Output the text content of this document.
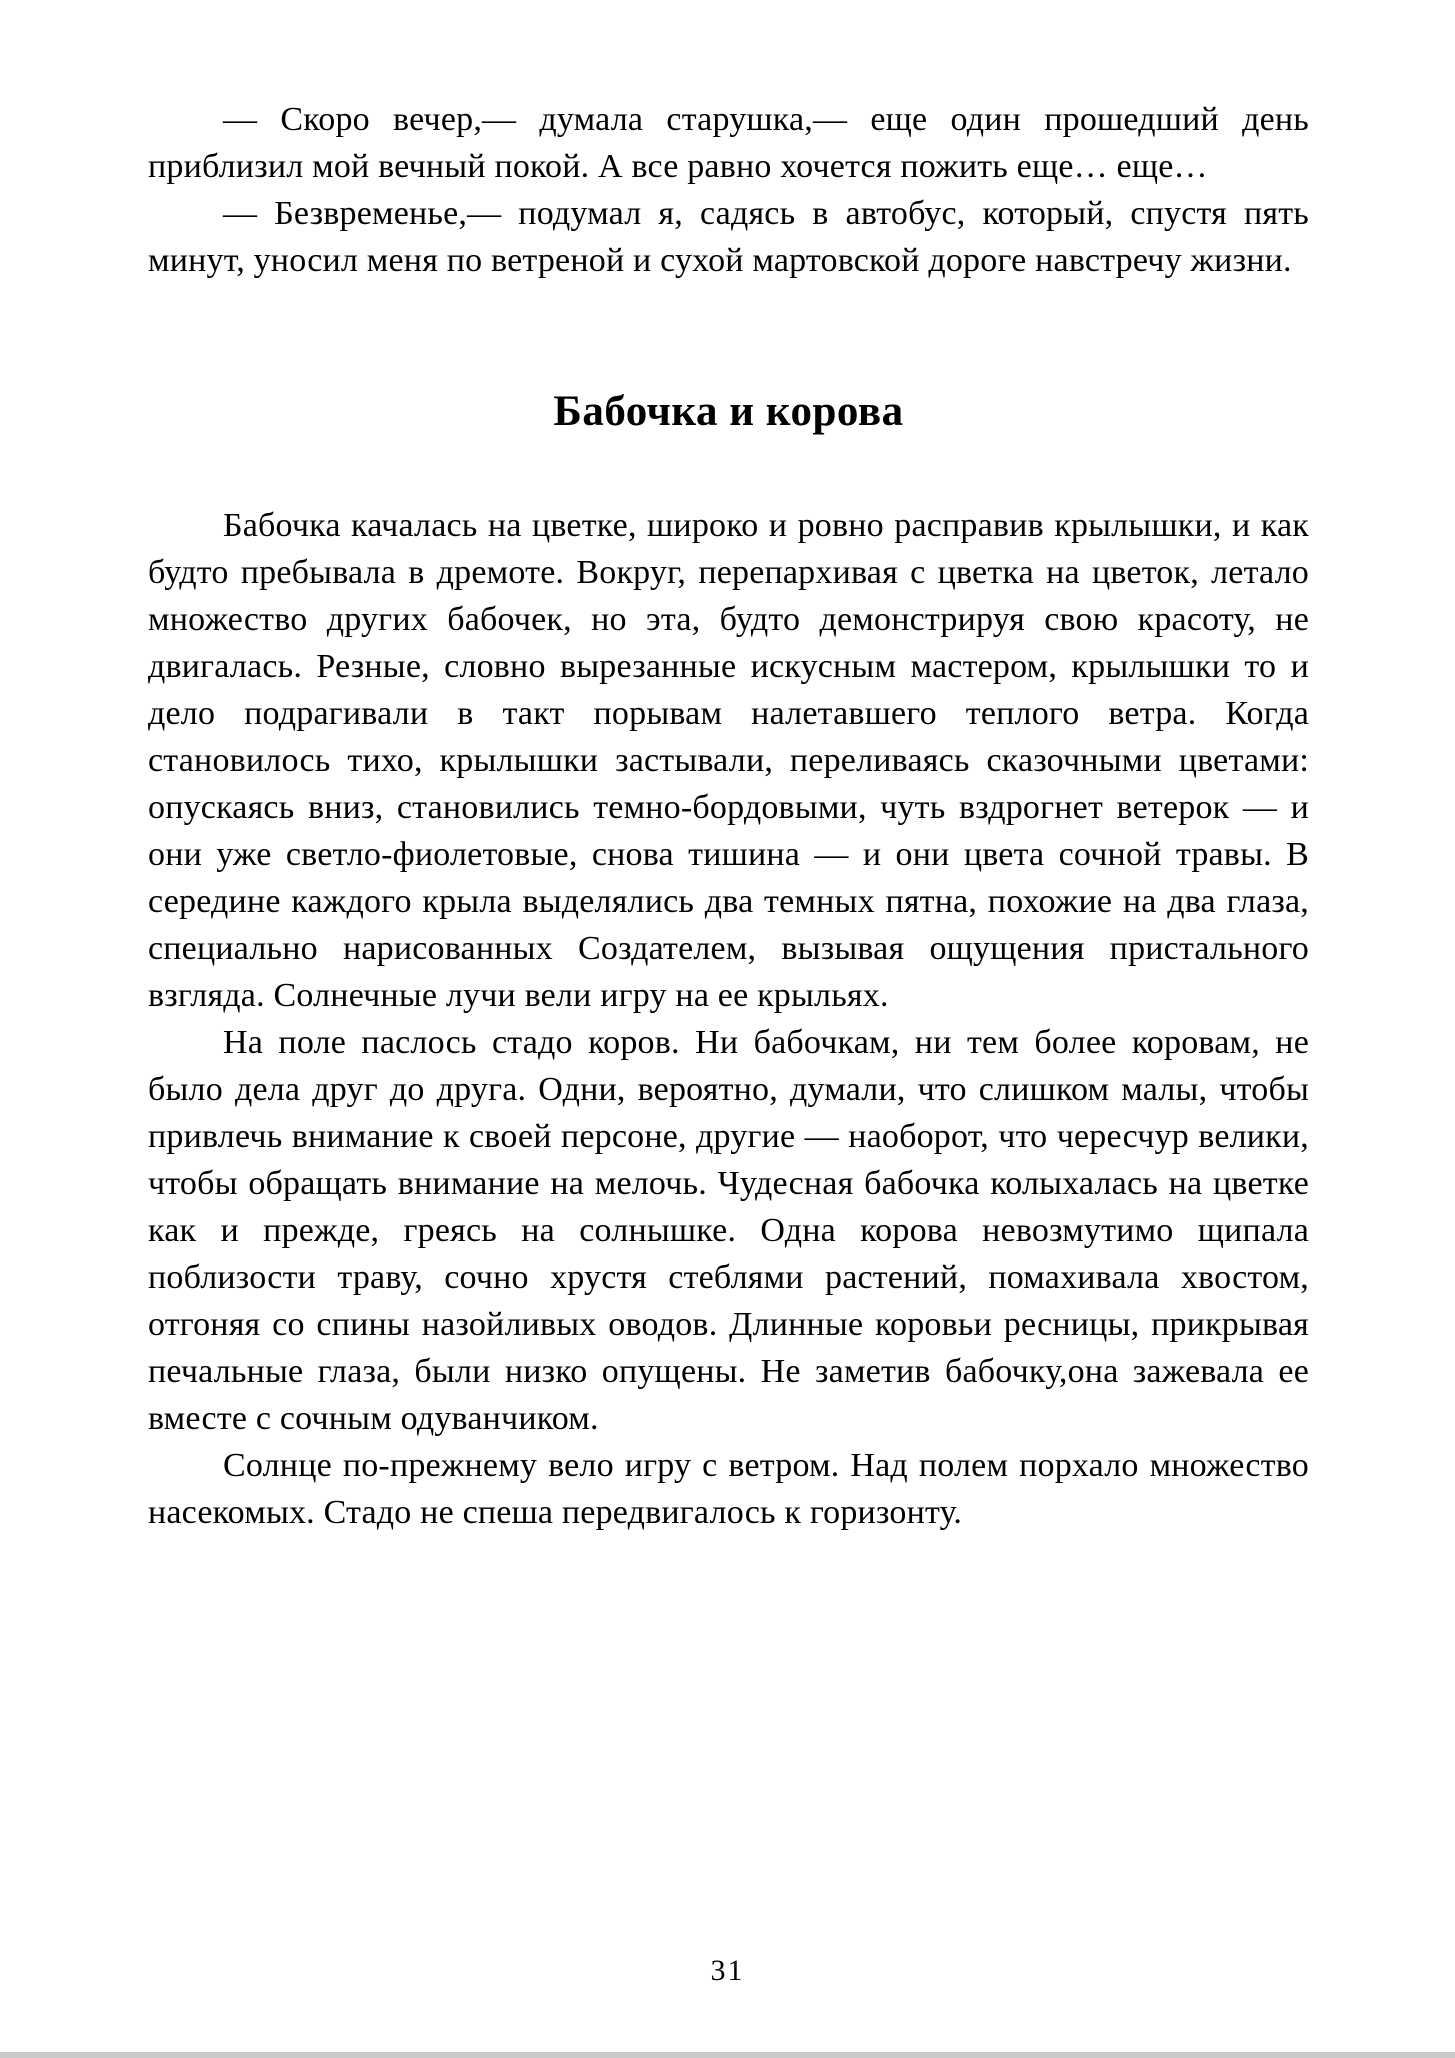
— Скоро вечер,— думала старушка,— еще один прошедший день приблизил мой вечный покой. А все равно хочется пожить еще… еще…

— Безвременье,— подумал я, садясь в автобус, который, спустя пять минут, уносил меня по ветреной и сухой мартовской дороге навстречу жизни.

Бабочка и корова

Бабочка качалась на цветке, широко и ровно расправив крылышки, и как будто пребывала в дремоте. Вокруг, перепархивая с цветка на цветок, летало множество других бабочек, но эта, будто демонстрируя свою красоту, не двигалась. Резные, словно вырезанные искусным мастером, крылышки то и дело подрагивали в такт порывам налетавшего теплого ветра. Когда становилось тихо, крылышки застывали, переливаясь сказочными цветами: опускаясь вниз, становились темно-бордовыми, чуть вздрогнет ветерок — и они уже светло-фиолетовые, снова тишина — и они цвета сочной травы. В середине каждого крыла выделялись два темных пятна, похожие на два глаза, специально нарисованных Создателем, вызывая ощущения пристального взгляда. Солнечные лучи вели игру на ее крыльях.

На поле паслось стадо коров. Ни бабочкам, ни тем более коровам, не было дела друг до друга. Одни, вероятно, думали, что слишком малы, чтобы привлечь внимание к своей персоне, другие — наоборот, что чересчур велики, чтобы обращать внимание на мелочь. Чудесная бабочка колыхалась на цветке как и прежде, греясь на солнышке. Одна корова невозмутимо щипала поблизости траву, сочно хрустя стеблями растений, помахивала хвостом, отгоняя со спины назойливых оводов. Длинные коровьи ресницы, прикрывая печальные глаза, были низко опущены. Не заметив бабочку,она зажевала ее вместе с сочным одуванчиком.

Солнце по-прежнему вело игру с ветром. Над полем порхало множество насекомых. Стадо не спеша передвигалось к горизонту.

31
